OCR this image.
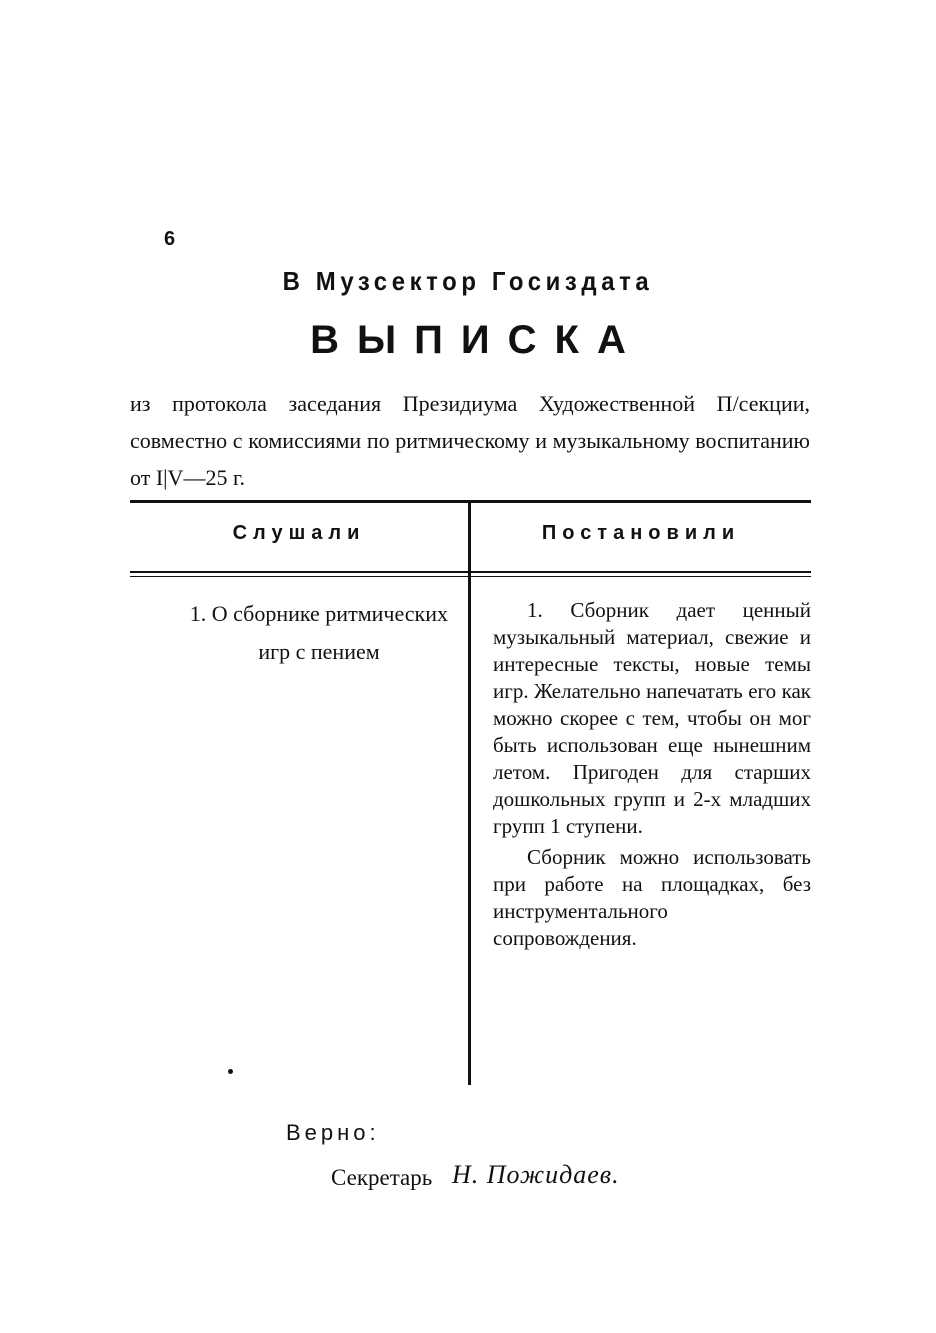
6
В Музсектор Госиздата
ВЫПИСКА
из протокола заседания Президиума Художественной П/секции, совместно с комиссиями по ритмическому и музыкальному воспитанию от I|V—25 г.
Слушали	Постановили
1. О сборнике ритмических
игр с пением

1. Сборник дает ценный музыкальный материал, свежие и интересные тексты, новые темы игр. Желательно напечатать его как можно скорее с тем, чтобы он мог быть использован еще нынешним летом. Пригоден для старших дошкольных групп и 2-х младших групп 1 ступени.

Сборник можно использовать при работе на площадках, без инструментального сопровождения.

Верно:
Секретарь Н. Пожидаев.
